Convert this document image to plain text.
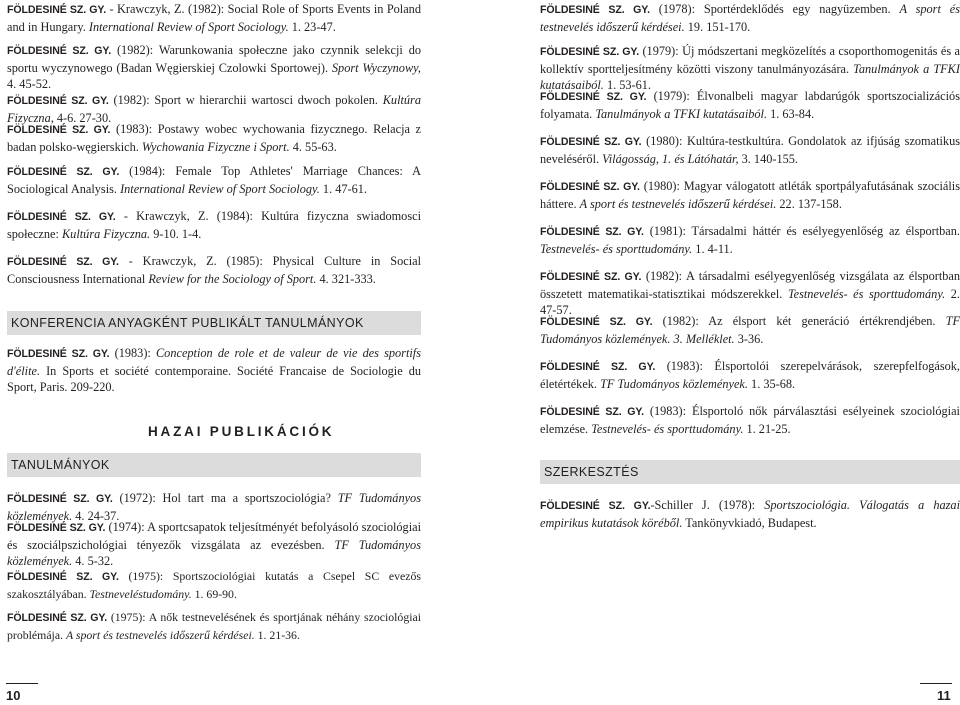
FÖLDESINÉ SZ. GY. - Krawczyk, Z. (1982): Social Role of Sports Events in Poland and in Hungary. International Review of Sport Sociology. 1. 23-47.
FÖLDESINÉ SZ. GY. (1982): Warunkowania społeczne jako czynnik selekcji do sportu wyczynowego (Badan Węgierskiej Czolowki Sportowej). Sport Wyczynowy, 4. 45-52.
FÖLDESINÉ SZ. GY. (1982): Sport w hierarchii wartosci dwoch pokolen. Kultúra Fizyczna, 4-6. 27-30.
FÖLDESINÉ SZ. GY. (1983): Postawy wobec wychowania fizycznego. Relacja z badan polsko-węgierskich. Wychowania Fizyczne i Sport. 4. 55-63.
FÖLDESINÉ SZ. GY. (1984): Female Top Athletes' Marriage Chances: A Sociological Analysis. International Review of Sport Sociology. 1. 47-61.
FÖLDESINÉ SZ. GY. - Krawczyk, Z. (1984): Kultúra fizyczna swiadomosci społeczne: Kultúra Fizyczna. 9-10. 1-4.
FÖLDESINÉ SZ. GY. - Krawczyk, Z. (1985): Physical Culture in Social Consciousness International Review for the Sociology of Sport. 4. 321-333.
KONFERENCIA ANYAGKÉNT PUBLIKÁLT TANULMÁNYOK
FÖLDESINÉ SZ. GY. (1983): Conception de role et de valeur de vie des sportifs d'élite. In Sports et société contemporaine. Société Francaise de Sociologie du Sport, Paris. 209-220.
TANULMÁNYOK
FÖLDESINÉ SZ. GY. (1972): Hol tart ma a sportszociológia? TF Tudományos közlemények. 4. 24-37.
FÖLDESINÉ SZ. GY. (1974): A sportcsapatok teljesítményét befolyásoló szociológiai és szociálpszichológiai tényezők vizsgálata az evezésben. TF Tudományos közlemények. 4. 5-32.
FÖLDESINÉ SZ. GY. (1975): Sportszociológiai kutatás a Csepel SC evezős szakosztályában. Testneveléstudomány. 1. 69-90.
FÖLDESINÉ SZ. GY. (1975): A nők testnevelésének és sportjának néhány szociológiai problémája. A sport és testnevelés időszerű kérdései. 1. 21-36.
HAZAI PUBLIKÁCIÓK
FÖLDESINÉ SZ. GY. (1978): Sportérdeklődés egy nagyüzemben. A sport és testnevelés időszerű kérdései. 19. 151-170.
FÖLDESINÉ SZ. GY. (1979): Új módszertani megközelítés a csoporthomogenitás és a kollektív sportteljesítmény közötti viszony tanulmányozására. Tanulmányok a TFKI kutatásaiból. 1. 53-61.
FÖLDESINÉ SZ. GY. (1979): Élvonalbeli magyar labdarúgók sportszocializációs folyamata. Tanulmányok a TFKI kutatásaiból. 1. 63-84.
FÖLDESINÉ SZ. GY. (1980): Kultúra-testkultúra. Gondolatok az ifjúság szomatikus neveléséről. Világosság, 1. és Látóhatár, 3. 140-155.
FÖLDESINÉ SZ. GY. (1980): Magyar válogatott atléták sportpályafutásának szociális háttere. A sport és testnevelés időszerű kérdései. 22. 137-158.
FÖLDESINÉ SZ. GY. (1981): Társadalmi háttér és esélyegyenlőség az élsportban. Testnevelés- és sporttudomány. 1. 4-11.
FÖLDESINÉ SZ. GY. (1982): A társadalmi esélyegyenlőség vizsgálata az élsportban összetett matematikai-statisztikai módszerekkel. Testnevelés- és sporttudomány. 2. 47-57.
FÖLDESINÉ SZ. GY. (1982): Az élsport két generáció értékrendjében. TF Tudományos közlemények. 3. Melléklet. 3-36.
FÖLDESINÉ SZ. GY. (1983): Élsportolói szerepelvárások, szerepfelfogások, életértékek. TF Tudományos közlemények. 1. 35-68.
FÖLDESINÉ SZ. GY. (1983): Élsportoló nők párválasztási esélyeinek szociológiai elemzése. Testnevelés- és sporttudomány. 1. 21-25.
SZERKESZTÉS
FÖLDESINÉ SZ. GY.-Schiller J. (1978): Sportszociológia. Válogatás a hazai empirikus kutatások köréből. Tankönyvkiadó, Budapest.
10	11
